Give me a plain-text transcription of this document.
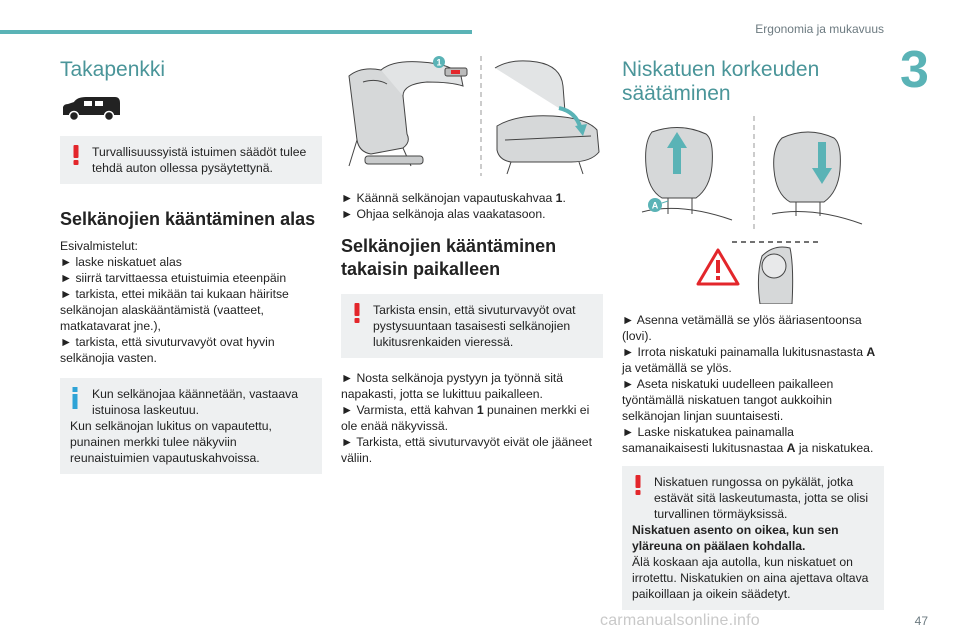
Ergonomia ja mukavuus
3
47
carmanualsonline.info
Takapenkki

Turvallisuussyistä istuimen säädöt tulee tehdä auton ollessa pysäytettynä.

Selkänojien kääntäminen alas

Esivalmistelut:

► laske niskatuet alas

► siirrä tarvittaessa etuistuimia eteenpäin

► tarkista, ettei mikään tai kukaan häiritse selkänojan alaskääntämistä (vaatteet, matkatavarat jne.),

► tarkista, että sivuturvavyöt ovat hyvin selkänojia vasten.

Kun selkänojaa käännetään, vastaava istuinosa laskeutuu.

Kun selkänojan lukitus on vapautettu, punainen merkki tulee näkyviin reunaistuimien vapautuskahvoissa.

1

► Käännä selkänojan vapautuskahvaa 1.

► Ohjaa selkänoja alas vaakatasoon.

Selkänojien kääntäminen takaisin paikalleen

Tarkista ensin, että sivuturvavyöt ovat pystysuuntaan tasaisesti selkänojien lukitusrenkaiden vieressä.

► Nosta selkänoja pystyyn ja työnnä sitä napakasti, jotta se lukittuu paikalleen.

► Varmista, että kahvan 1 punainen merkki ei ole enää näkyvissä.

► Tarkista, että sivuturvavyöt eivät ole jääneet väliin.

Niskatuen korkeuden säätäminen
A

► Asenna vetämällä se ylös ääriasentoonsa (lovi).

► Irrota niskatuki painamalla lukitusnastasta A ja vetämällä se ylös.

► Aseta niskatuki uudelleen paikalleen työntämällä niskatuen tangot aukkoihin selkänojan linjan suuntaisesti.

► Laske niskatukea painamalla samanaikaisesti lukitusnastaa A ja niskatukea.

Niskatuen rungossa on pykälät, jotka estävät sitä laskeutumasta, jotta se olisi turvallinen törmäyksissä.

Niskatuen asento on oikea, kun sen yläreuna on päälaen kohdalla.

Älä koskaan aja autolla, kun niskatuet on irrotettu. Niskatukien on aina ajettava oltava paikoillaan ja oikein säädetyt.
